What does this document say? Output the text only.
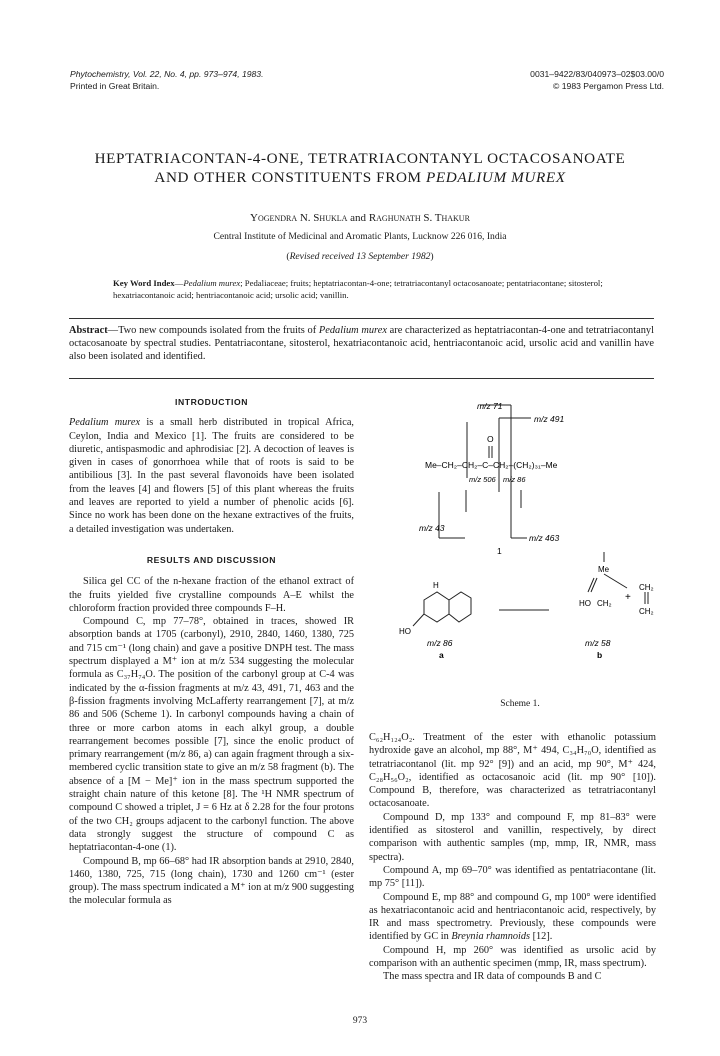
Phytochemistry, Vol. 22, No. 4, pp. 973–974, 1983.
Printed in Great Britain.
0031–9422/83/040973–02$03.00/0
© 1983 Pergamon Press Ltd.
HEPTATRIACONTAN-4-ONE, TETRATRIACONTANYL OCTACOSANOATE
AND OTHER CONSTITUENTS FROM PEDALIUM MUREX
Yogendra N. Shukla and Raghunath S. Thakur
Central Institute of Medicinal and Aromatic Plants, Lucknow 226 016, India
(Revised received 13 September 1982)
Key Word Index—Pedalium murex; Pedaliaceae; fruits; heptatriacontan-4-one; tetratriacontanyl octacosanoate; pentatriacontane; sitosterol; hexatriacontanoic acid; hentriacontanoic acid; ursolic acid; vanillin.
Abstract—Two new compounds isolated from the fruits of Pedalium murex are characterized as heptatriacontan-4-one and tetratriacontanyl octacosanoate by spectral studies. Pentatriacontane, sitosterol, hexatriacontanoic acid, hentriacontanoic acid, ursolic acid and vanillin have also been isolated and identified.

INTRODUCTION

Pedalium murex is a small herb distributed in tropical Africa, Ceylon, India and Mexico [1]. The fruits are considered to be diuretic, antispasmodic and aphrodisiac [2]. A decoction of leaves is given in cases of gonorrhoea while that of roots is said to be antibilious [3]. In the past several flavonoids have been isolated from the leaves [4] and flowers [5] of this plant whereas the fruits and leaves are reported to yield a number of phenolic acids [6]. Since no work has been done on the hexane extractives of the fruits, a detailed investigation was undertaken.

RESULTS AND DISCUSSION

Silica gel CC of the n-hexane fraction of the ethanol extract of the fruits yielded five crystalline compounds A–E whilst the chloroform fraction provided three compounds F–H.

Compound C, mp 77–78°, obtained in traces, showed IR absorption bands at 1705 (carbonyl), 2910, 2840, 1460, 1380, 725 and 715 cm⁻¹ (long chain) and gave a positive DNPH test. The mass spectrum displayed a M⁺ ion at m/z 534 suggesting the molecular formula as C₃₇H₇₄O. The position of the carbonyl group at C-4 was indicated by the α-fission fragments at m/z 43, 491, 71, 463 and the β-fission fragments involving McLafferty rearrangement [7], at m/z 86 and 506 (Scheme 1). In carbonyl compounds having a chain of three or more carbon atoms in each alkyl group, a double rearrangement becomes possible [7], since the enolic product of primary rearrangement (m/z 86, a) can again fragment through a six-membered cyclic transition state to give an m/z 58 fragment (b). The absence of a [M − Me]⁺ ion in the mass spectrum supported the straight chain nature of this ketone [8]. The ¹H NMR spectrum of compound C showed a triplet, J = 6 Hz at δ 2.28 for the four protons of the two CH₂ groups adjacent to the carbonyl function. The above data strongly suggest the structure of compound C as heptatriacontan-4-one (1).

Compound B, mp 66–68° had IR absorption bands at 2910, 2840, 1460, 1380, 725, 715 (long chain), 1730 and 1260 cm⁻¹ (ester group). The mass spectrum indicated a M⁺ ion at m/z 900 suggesting the molecular formula as

m/z 71
m/z 491
O
Me–CH₂–CH₂–C–CH₂–(CH₂)₃₁–Me
m/z 506 m/z 86
m/z 43
m/z 463
1
Me
CH₂
+
HO CH₂
CH₂
H
HO
m/z 86
a
m/z 58
b
Scheme 1.

C₆₂H₁₂₄O₂. Treatment of the ester with ethanolic potassium hydroxide gave an alcohol, mp 88°, M⁺ 494, C₃₄H₇₀O, identified as tetratriacontanol (lit. mp 92° [9]) and an acid, mp 90°, M⁺ 424, C₂₈H₅₆O₂, identified as octacosanoic acid (lit. mp 90° [10]). Compound B, therefore, was characterized as tetratriacontanyl octacosanoate.

Compound D, mp 133° and compound F, mp 81–83° were identified as sitosterol and vanillin, respectively, by direct comparison with authentic samples (mp, mmp, IR, NMR, mass spectra).

Compound A, mp 69–70° was identified as pentatriacontane (lit. mp 75° [11]).

Compound E, mp 88° and compound G, mp 100° were identified as hexatriacontanoic acid and hentriacontanoic acid, respectively, by IR and mass spectrometry. Previously, these compounds were identified by GC in Breynia rhamnoids [12].

Compound H, mp 260° was identified as ursolic acid by comparison with an authentic specimen (mmp, IR, mass spectrum).

The mass spectra and IR data of compounds B and C

973
